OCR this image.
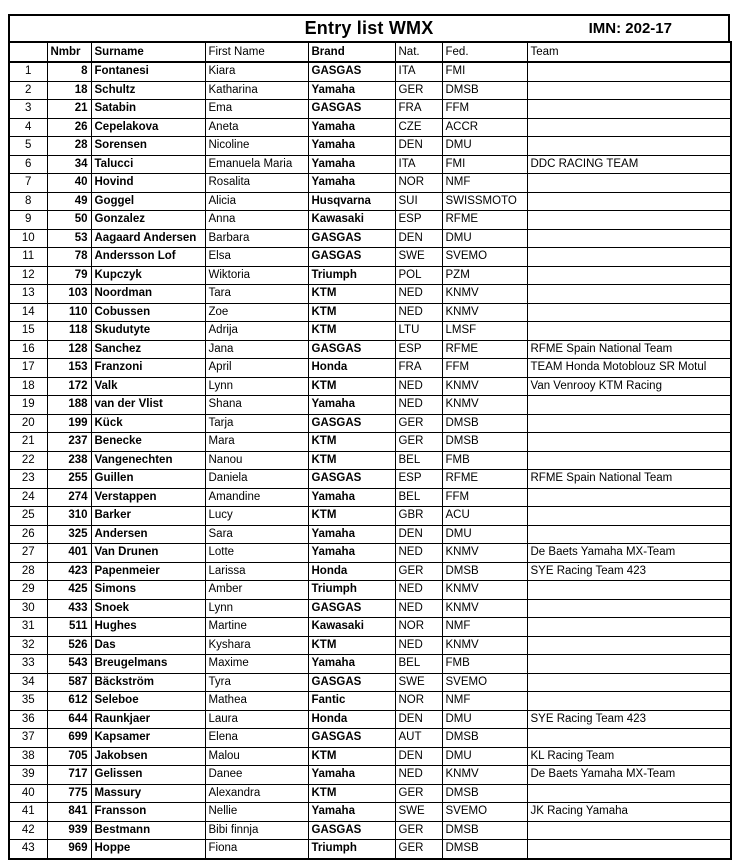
Entry list WMX	IMN: 202-17
	Nmbr	Surname	First Name	Brand	Nat.	Fed.	Team
1	8	Fontanesi	Kiara	GASGAS	ITA	FMI	
2	18	Schultz	Katharina	Yamaha	GER	DMSB	
3	21	Satabin	Ema	GASGAS	FRA	FFM	
4	26	Cepelakova	Aneta	Yamaha	CZE	ACCR	
5	28	Sorensen	Nicoline	Yamaha	DEN	DMU	
6	34	Talucci	Emanuela Maria	Yamaha	ITA	FMI	DDC RACING TEAM
7	40	Hovind	Rosalita	Yamaha	NOR	NMF	
8	49	Goggel	Alicia	Husqvarna	SUI	SWISSMOTO	
9	50	Gonzalez	Anna	Kawasaki	ESP	RFME	
10	53	Aagaard Andersen	Barbara	GASGAS	DEN	DMU	
11	78	Andersson Lof	Elsa	GASGAS	SWE	SVEMO	
12	79	Kupczyk	Wiktoria	Triumph	POL	PZM	
13	103	Noordman	Tara	KTM	NED	KNMV	
14	110	Cobussen	Zoe	KTM	NED	KNMV	
15	118	Skudutyte	Adrija	KTM	LTU	LMSF	
16	128	Sanchez	Jana	GASGAS	ESP	RFME	RFME Spain National Team
17	153	Franzoni	April	Honda	FRA	FFM	TEAM Honda Motoblouz SR Motul
18	172	Valk	Lynn	KTM	NED	KNMV	Van Venrooy KTM Racing
19	188	van der Vlist	Shana	Yamaha	NED	KNMV	
20	199	Kück	Tarja	GASGAS	GER	DMSB	
21	237	Benecke	Mara	KTM	GER	DMSB	
22	238	Vangenechten	Nanou	KTM	BEL	FMB	
23	255	Guillen	Daniela	GASGAS	ESP	RFME	RFME Spain National Team
24	274	Verstappen	Amandine	Yamaha	BEL	FFM	
25	310	Barker	Lucy	KTM	GBR	ACU	
26	325	Andersen	Sara	Yamaha	DEN	DMU	
27	401	Van Drunen	Lotte	Yamaha	NED	KNMV	De Baets Yamaha MX-Team
28	423	Papenmeier	Larissa	Honda	GER	DMSB	SYE Racing Team 423
29	425	Simons	Amber	Triumph	NED	KNMV	
30	433	Snoek	Lynn	GASGAS	NED	KNMV	
31	511	Hughes	Martine	Kawasaki	NOR	NMF	
32	526	Das	Kyshara	KTM	NED	KNMV	
33	543	Breugelmans	Maxime	Yamaha	BEL	FMB	
34	587	Bäckström	Tyra	GASGAS	SWE	SVEMO	
35	612	Seleboe	Mathea	Fantic	NOR	NMF	
36	644	Raunkjaer	Laura	Honda	DEN	DMU	SYE Racing Team 423
37	699	Kapsamer	Elena	GASGAS	AUT	DMSB	
38	705	Jakobsen	Malou	KTM	DEN	DMU	KL Racing Team
39	717	Gelissen	Danee	Yamaha	NED	KNMV	De Baets Yamaha MX-Team
40	775	Massury	Alexandra	KTM	GER	DMSB	
41	841	Fransson	Nellie	Yamaha	SWE	SVEMO	JK Racing Yamaha
42	939	Bestmann	Bibi finnja	GASGAS	GER	DMSB	
43	969	Hoppe	Fiona	Triumph	GER	DMSB	
